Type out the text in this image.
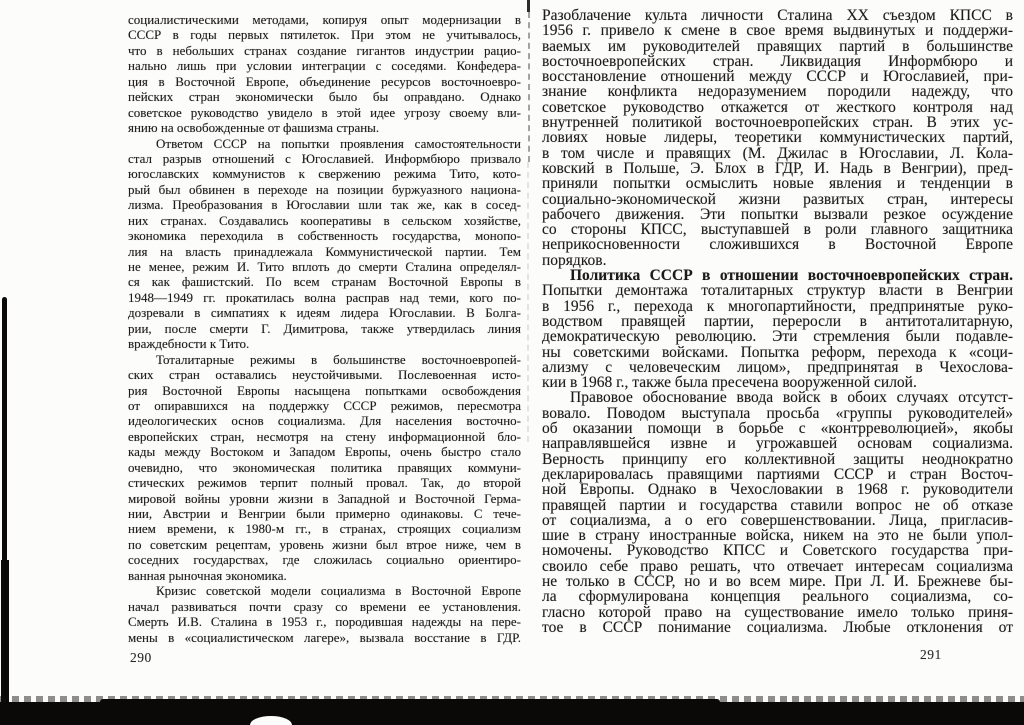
социалистическими методами, копируя опыт модернизации в
СССР в годы первых пятилеток. При этом не учитывалось,
что в небольших странах создание гигантов индустрии рацио-
нально лишь при условии интеграции с соседями. Конфедера-
ция в Восточной Европе, объединение ресурсов восточноевро-
пейских стран экономически было бы оправдано. Однако
советское руководство увидело в этой идее угрозу своему вли-
янию на освобожденные от фашизма страны.
Ответом СССР на попытки проявления самостоятельности
стал разрыв отношений с Югославией. Информбюро призвало
югославских коммунистов к свержению режима Тито, кото-
рый был обвинен в переходе на позиции буржуазного национа-
лизма. Преобразования в Югославии шли так же, как в сосед-
них странах. Создавались кооперативы в сельском хозяйстве,
экономика переходила в собственность государства, монопо-
лия на власть принадлежала Коммунистической партии. Тем
не менее, режим И. Тито вплоть до смерти Сталина определял-
ся как фашистский. По всем странам Восточной Европы в
1948—1949 гг. прокатилась волна расправ над теми, кого по-
дозревали в симпатиях к идеям лидера Югославии. В Болга-
рии, после смерти Г. Димитрова, также утвердилась линия
враждебности к Тито.
Тоталитарные режимы в большинстве восточноевропей-
ских стран оставались неустойчивыми. Послевоенная исто-
рия Восточной Европы насыщена попытками освобождения
от опиравшихся на поддержку СССР режимов, пересмотра
идеологических основ социализма. Для населения восточно-
европейских стран, несмотря на стену информационной бло-
кады между Востоком и Западом Европы, очень быстро стало
очевидно, что экономическая политика правящих коммуни-
стических режимов терпит полный провал. Так, до второй
мировой войны уровни жизни в Западной и Восточной Герма-
нии, Австрии и Венгрии были примерно одинаковы. С тече-
нием времени, к 1980-м гг., в странах, строящих социализм
по советским рецептам, уровень жизни был втрое ниже, чем в
соседних государствах, где сложилась социально ориентиро-
ванная рыночная экономика.
Кризис советской модели социализма в Восточной Европе
начал развиваться почти сразу со времени ее установления.
Смерть И.В. Сталина в 1953 г., породившая надежды на пере-
мены в «социалистическом лагере», вызвала восстание в ГДР.
Разоблачение культа личности Сталина XX съездом КПСС в
1956 г. привело к смене в свое время выдвинутых и поддержи-
ваемых им руководителей правящих партий в большинстве
восточноевропейских стран. Ликвидация Информбюро и
восстановление отношений между СССР и Югославией, при-
знание конфликта недоразумением породили надежду, что
советское руководство откажется от жесткого контроля над
внутренней политикой восточноевропейских стран. В этих ус-
ловиях новые лидеры, теоретики коммунистических партий,
в том числе и правящих (М. Джилас в Югославии, Л. Кола-
ковский в Польше, Э. Блох в ГДР, И. Надь в Венгрии), пред-
приняли попытки осмыслить новые явления и тенденции в
социально-экономической жизни развитых стран, интересы
рабочего движения. Эти попытки вызвали резкое осуждение
со стороны КПСС, выступавшей в роли главного защитника
неприкосновенности сложившихся в Восточной Европе
порядков.
Политика СССР в отношении восточноевропейских стран.
Попытки демонтажа тоталитарных структур власти в Венгрии
в 1956 г., перехода к многопартийности, предпринятые руко-
водством правящей партии, переросли в антитоталитарную,
демократическую революцию. Эти стремления были подавле-
ны советскими войсками. Попытка реформ, перехода к «соци-
ализму с человеческим лицом», предпринятая в Чехослова-
кии в 1968 г., также была пресечена вооруженной силой.
Правовое обоснование ввода войск в обоих случаях отсутст-
вовало. Поводом выступала просьба «группы руководителей»
об оказании помощи в борьбе с «контрреволюцией», якобы
направлявшейся извне и угрожавшей основам социализма.
Верность принципу его коллективной защиты неоднократно
декларировалась правящими партиями СССР и стран Восточ-
ной Европы. Однако в Чехословакии в 1968 г. руководители
правящей партии и государства ставили вопрос не об отказе
от социализма, а о его совершенствовании. Лица, пригласив-
шие в страну иностранные войска, никем на это не были упол-
номочены. Руководство КПСС и Советского государства при-
своило себе право решать, что отвечает интересам социализма
не только в СССР, но и во всем мире. При Л. И. Брежневе бы-
ла сформулирована концепция реального социализма, со-
гласно которой право на существование имело только приня-
тое в СССР понимание социализма. Любые отклонения от
290	291
